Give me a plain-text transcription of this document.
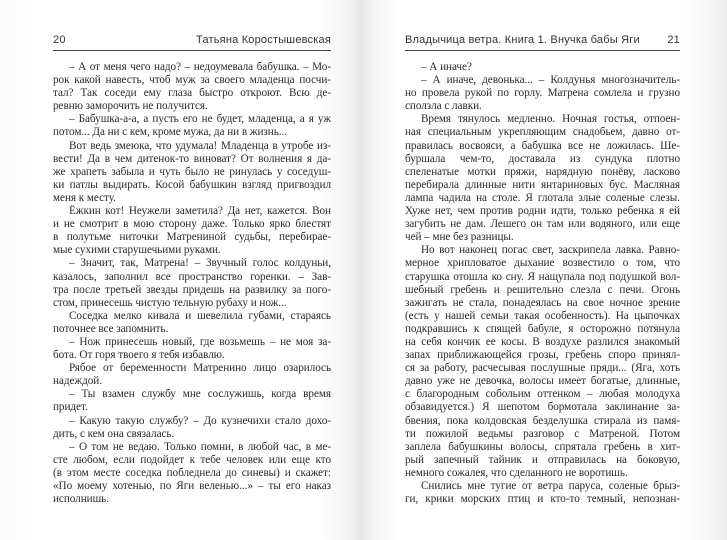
20	Татьяна Коростышевская
– А от меня чего надо? – недоумевала бабушка. – Мо-
рок какой навесть, чтоб муж за своего младенца посчи-
тал? Так соседи ему глаза быстро откроют. Всю де-
ревню заморочить не получится.
– Бабушка-а-а, а пусть его не будет, младенца, а я уж
потом... Да ни с кем, кроме мужа, да ни в жизнь...
Вот ведь змеюка, что удумала! Младенца в утробе из-
вести! Да в чем дитенок-то виноват? От волнения я да-
же храпеть забыла и чуть было не ринулась у соседуш-
ки патлы выдирать. Косой бабушкин взгляд пригвоздил
меня к месту.
Ёжкин кот! Неужели заметила? Да нет, кажется. Вон
и не смотрит в мою сторону даже. Только ярко блестят
в полутьме ниточки Матрениной судьбы, перебирае-
мые сухими старушечьими руками.
– Значит, так, Матрена! – Звучный голос колдуньи,
казалось, заполнил все пространство горенки. – Зав-
тра после третьей звезды придешь на развилку за пого-
стом, принесешь чистую тельную рубаху и нож...
Соседка мелко кивала и шевелила губами, стараясь
поточнее все запомнить.
– Нож принесешь новый, где возьмешь – не моя за-
бота. От горя твоего я тебя избавлю.
Рябое от беременности Матренино лицо озарилось
надеждой.
– Ты взамен службу мне сослужишь, когда время
придет.
– Какую такую службу? – До кузнечихи стало дохо-
дить, с кем она связалась.
– О том не ведаю. Только помни, в любой час, в ме-
сте любом, если подойдет к тебе человек или еще кто
(в этом месте соседка побледнела до синевы) и скажет:
«По моему хотенью, по Яги веленью...» – ты его наказ
исполнишь.
Владычица ветра. Книга 1. Внучка бабы Яги	21
– А иначе?
– А иначе, девонька... – Колдунья многозначитель-
но провела рукой по горлу. Матрена сомлела и грузно
сползла с лавки.
Время тянулось медленно. Ночная гостья, отпоен-
ная специальным укрепляющим снадобьем, давно от-
правилась восвояси, а бабушка все не ложилась. Ше-
буршала чем-то, доставала из сундука плотно
спеленатые мотки пряжи, нарядную понёву, ласково
перебирала длинные нити янтариновых бус. Масляная
лампа чадила на столе. Я глотала злые соленые слезы.
Хуже нет, чем против родни идти, только ребенка я ей
загубить не дам. Лешего он там или водяного, или еще
чей – мне без разницы.
Но вот наконец погас свет, заскрипела лавка. Равно-
мерное хрипловатое дыхание возвестило о том, что
старушка отошла ко сну. Я нащупала под подушкой вол-
шебный гребень и решительно слезла с печи. Огонь
зажигать не стала, понадеялась на свое ночное зрение
(есть у нашей семьи такая особенность). На цыпочках
подкравшись к спящей бабуле, я осторожно потянула
на себя кончик ее косы. В воздухе разлился знакомый
запах приближающейся грозы, гребень споро принял-
ся за работу, расчесывая послушные пряди... (Яга, хоть
давно уже не девочка, волосы имеет богатые, длинные,
с благородным собольим оттенком – любая молодуха
обзавидуется.) Я шепотом бормотала заклинание за-
бвения, пока колдовская безделушка стирала из памя-
ти пожилой ведьмы разговор с Матреной. Потом
заплела бабушкины волосы, спрятала гребень в хит-
рый запечный тайник и отправилась на боковую,
немного сожалея, что сделанного не воротишь.
Снились мне тугие от ветра паруса, соленые брыз-
ги, крики морских птиц и кто-то темный, непознан-
